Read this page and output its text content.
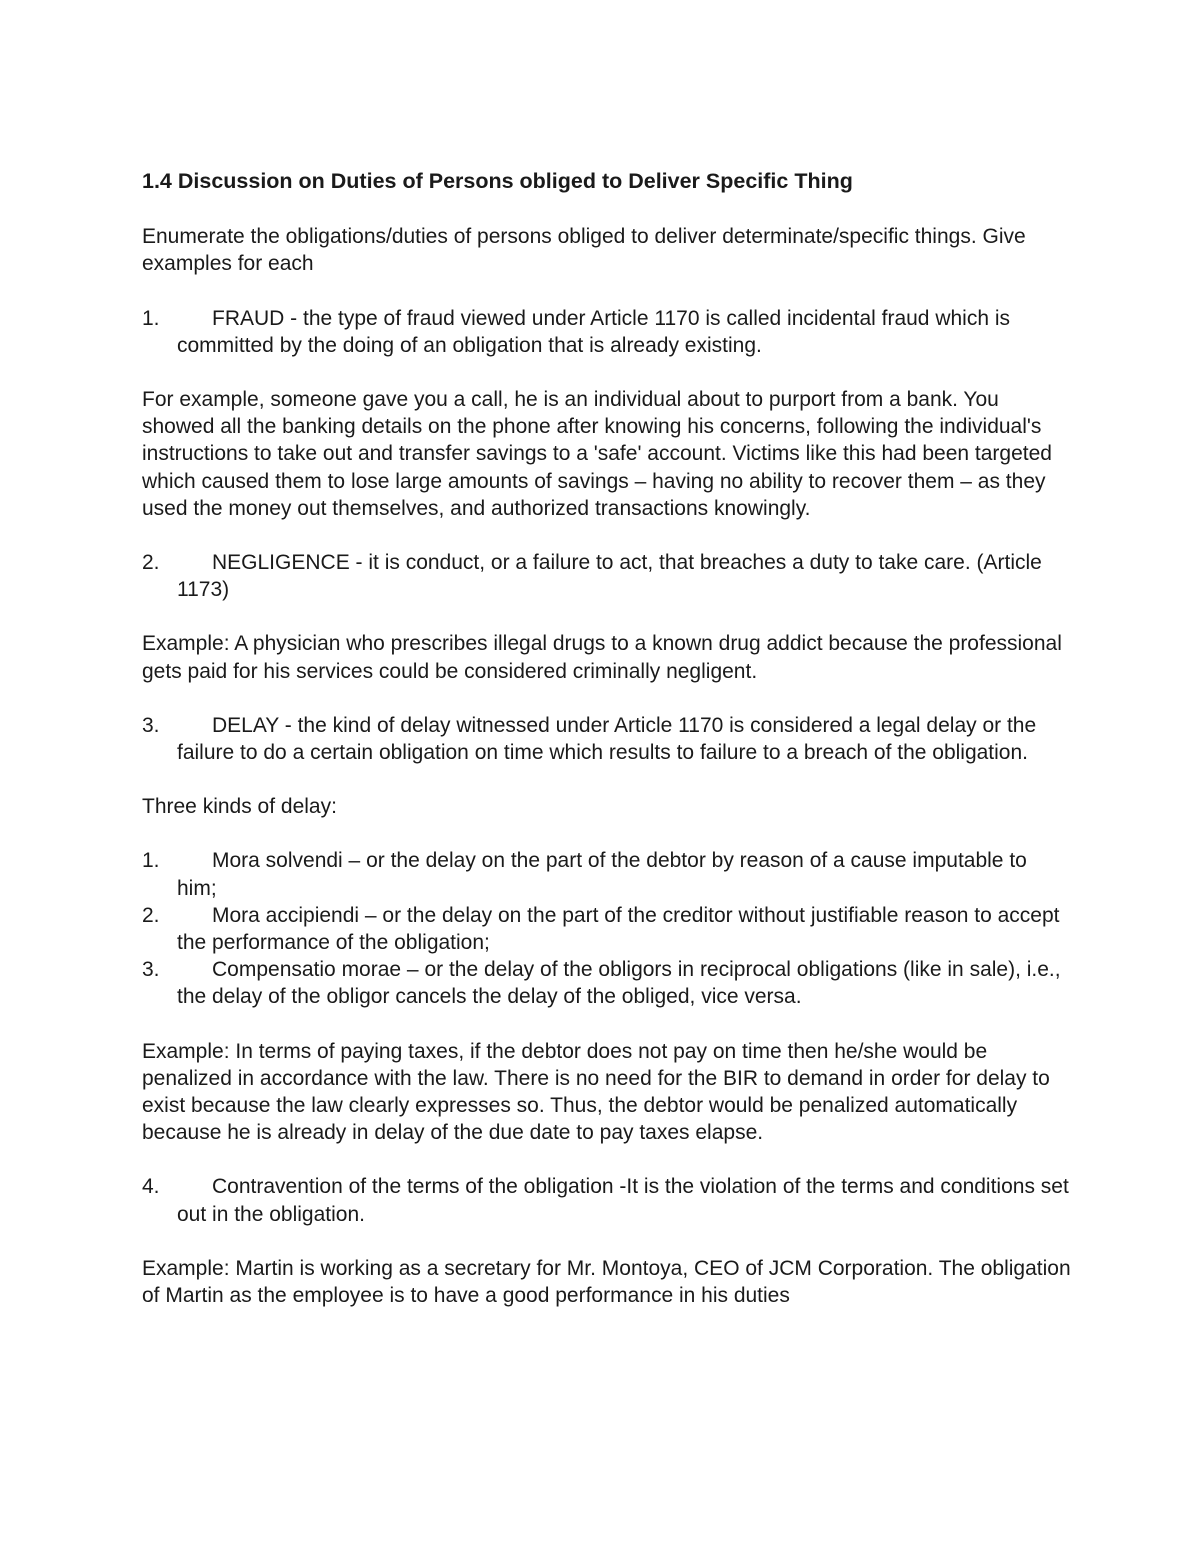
1.4 Discussion on Duties of Persons obliged to Deliver Specific Thing

Enumerate the obligations/duties of persons obliged to deliver determinate/specific things. Give examples for each

1.	FRAUD - the type of fraud viewed under Article 1170 is called incidental fraud which is committed by the doing of an obligation that is already existing.

For example, someone gave you a call, he is an individual about to purport from a bank. You showed all the banking details on the phone after knowing his concerns, following the individual's instructions to take out and transfer savings to a 'safe' account. Victims like this had been targeted which caused them to lose large amounts of savings – having no ability to recover them – as they used the money out themselves, and authorized transactions knowingly.

2.	NEGLIGENCE - it is conduct, or a failure to act, that breaches a duty to take care. (Article 1173)

Example: A physician who prescribes illegal drugs to a known drug addict because the professional gets paid for his services could be considered criminally negligent.

3.	DELAY - the kind of delay witnessed under Article 1170 is considered a legal delay or the failure to do a certain obligation on time which results to failure to a breach of the obligation.

Three kinds of delay:

1.	Mora solvendi – or the delay on the part of the debtor by reason of a cause imputable to him;
2.	Mora accipiendi – or the delay on the part of the creditor without justifiable reason to accept the performance of the obligation;
3.	Compensatio morae – or the delay of the obligors in reciprocal obligations (like in sale), i.e., the delay of the obligor cancels the delay of the obliged, vice versa.

Example: In terms of paying taxes, if the debtor does not pay on time then he/she would be penalized in accordance with the law. There is no need for the BIR to demand in order for delay to exist because the law clearly expresses so. Thus, the debtor would be penalized automatically because he is already in delay of the due date to pay taxes elapse.

4.	Contravention of the terms of the obligation -It is the violation of the terms and conditions set out in the obligation.

Example: Martin is working as a secretary for Mr. Montoya, CEO of JCM Corporation. The obligation of Martin as the employee is to have a good performance in his duties
